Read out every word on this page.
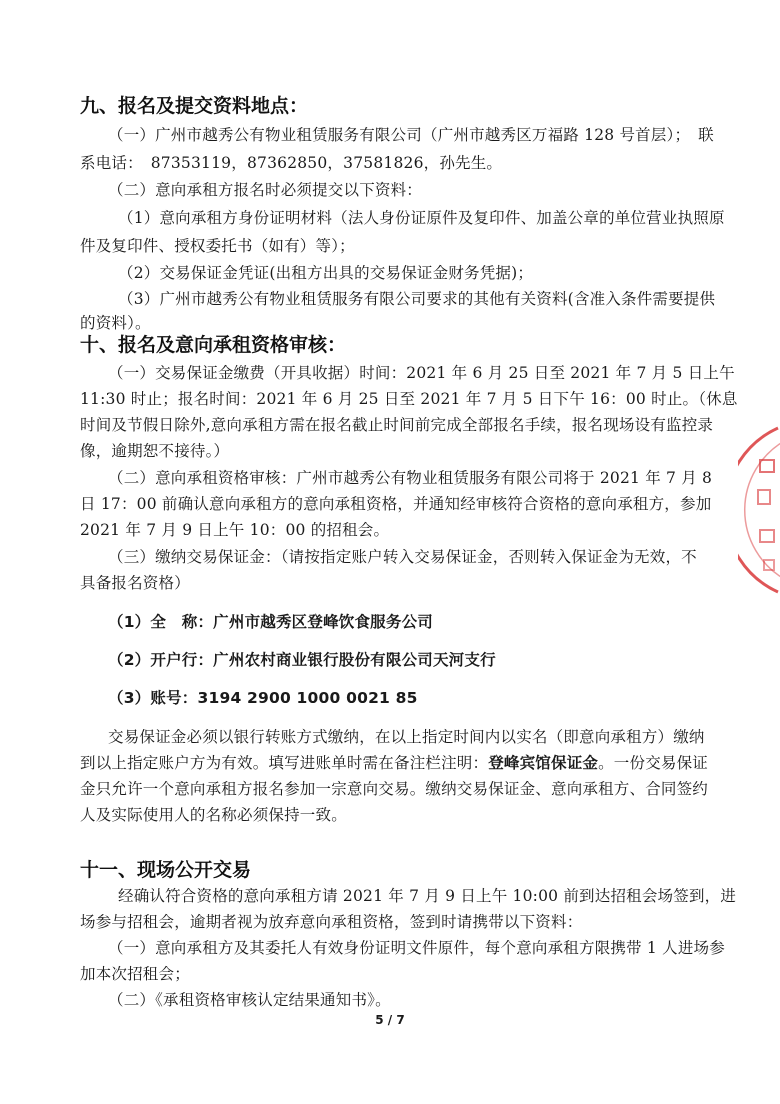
九、报名及提交资料地点：
（一）广州市越秀公有物业租赁服务有限公司（广州市越秀区万福路 128 号首层）；　联
系电话：　87353119，87362850，37581826，孙先生。
（二）意向承租方报名时必须提交以下资料：
（1）意向承租方身份证明材料（法人身份证原件及复印件、加盖公章的单位营业执照原
件及复印件、授权委托书（如有）等）；
（2）交易保证金凭证(出租方出具的交易保证金财务凭据)；
（3）广州市越秀公有物业租赁服务有限公司要求的其他有关资料(含准入条件需要提供
的资料）。
十、报名及意向承租资格审核：
（一）交易保证金缴费（开具收据）时间：2021 年 6 月 25 日至 2021 年 7 月 5 日上午
11:30 时止；报名时间：2021 年 6 月 25 日至 2021 年 7 月 5 日下午 16：00 时止。（休息
时间及节假日除外,意向承租方需在报名截止时间前完成全部报名手续，报名现场设有监控录
像，逾期恕不接待。）
（二）意向承租资格审核：广州市越秀公有物业租赁服务有限公司将于 2021 年 7 月 8
日 17：00 前确认意向承租方的意向承租资格，并通知经审核符合资格的意向承租方，参加
2021 年 7 月 9 日上午 10：00 的招租会。
（三）缴纳交易保证金：（请按指定账户转入交易保证金，否则转入保证金为无效，不
具备报名资格）
（1）全　称：广州市越秀区登峰饮食服务公司
（2）开户行：广州农村商业银行股份有限公司天河支行
（3）账号：3194 2900 1000 0021 85
交易保证金必须以银行转账方式缴纳，在以上指定时间内以实名（即意向承租方）缴纳
到以上指定账户方为有效。填写进账单时需在备注栏注明：登峰宾馆保证金。一份交易保证
金只允许一个意向承租方报名参加一宗意向交易。缴纳交易保证金、意向承租方、合同签约
人及实际使用人的名称必须保持一致。
十一、现场公开交易
经确认符合资格的意向承租方请 2021 年 7 月 9 日上午 10:00 前到达招租会场签到，进
场参与招租会，逾期者视为放弃意向承租资格，签到时请携带以下资料：
（一）意向承租方及其委托人有效身份证明文件原件，每个意向承租方限携带 1 人进场参
加本次招租会；
（二）《承租资格审核认定结果通知书》。
5 / 7
